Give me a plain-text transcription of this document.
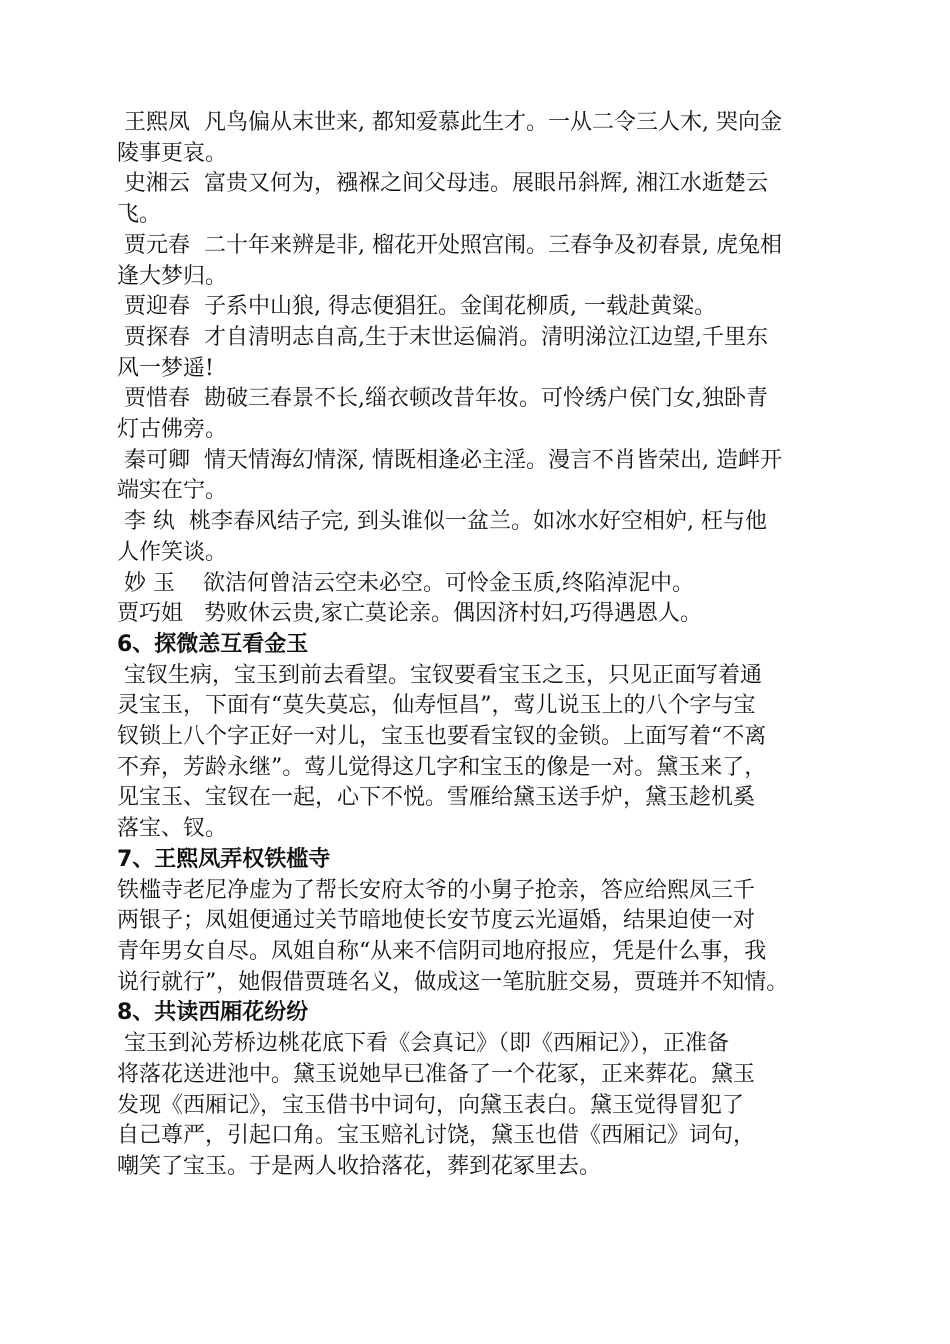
王熙凤  凡鸟偏从末世来, 都知爱慕此生才。一从二令三人木, 哭向金
陵事更哀。
史湘云  富贵又何为，襁褓之间父母违。展眼吊斜辉, 湘江水逝楚云
飞。
贾元春  二十年来辨是非, 榴花开处照宫闱。三春争及初春景, 虎兔相
逢大梦归。
贾迎春  子系中山狼, 得志便猖狂。金闺花柳质, 一载赴黄粱。
贾探春  才自清明志自高,生于末世运偏消。清明涕泣江边望,千里东
风一梦遥!
贾惜春  勘破三春景不长,缁衣顿改昔年妆。可怜绣户侯门女,独卧青
灯古佛旁。
秦可卿  情天情海幻情深, 情既相逢必主淫。漫言不肖皆荣出, 造衅开
端实在宁。
李 纨  桃李春风结子完, 到头谁似一盆兰。如冰水好空相妒, 枉与他
人作笑谈。
妙 玉    欲洁何曾洁云空未必空。可怜金玉质,终陷淖泥中。
贾巧姐   势败休云贵,家亡莫论亲。偶因济村妇,巧得遇恩人。
6、探微恙互看金玉
宝钗生病，宝玉到前去看望。宝钗要看宝玉之玉，只见正面写着通
灵宝玉，下面有“莫失莫忘，仙寿恒昌”，莺儿说玉上的八个字与宝
钗锁上八个字正好一对儿，宝玉也要看宝钗的金锁。上面写着“不离
不弃，芳龄永继”。莺儿觉得这几字和宝玉的像是一对。黛玉来了，
见宝玉、宝钗在一起，心下不悦。雪雁给黛玉送手炉，黛玉趁机奚
落宝、钗。
7、王熙凤弄权铁槛寺
铁槛寺老尼净虚为了帮长安府太爷的小舅子抢亲，答应给熙凤三千
两银子；凤姐便通过关节暗地使长安节度云光逼婚，结果迫使一对
青年男女自尽。凤姐自称“从来不信阴司地府报应，凭是什么事，我
说行就行”，她假借贾琏名义，做成这一笔肮脏交易，贾琏并不知情。
8、共读西厢花纷纷
宝玉到沁芳桥边桃花底下看《会真记》（即《西厢记》），正准备
将落花送进池中。黛玉说她早已准备了一个花冢，正来葬花。黛玉
发现《西厢记》，宝玉借书中词句，向黛玉表白。黛玉觉得冒犯了
自己尊严，引起口角。宝玉赔礼讨饶，黛玉也借《西厢记》词句，
嘲笑了宝玉。于是两人收拾落花，葬到花冢里去。
